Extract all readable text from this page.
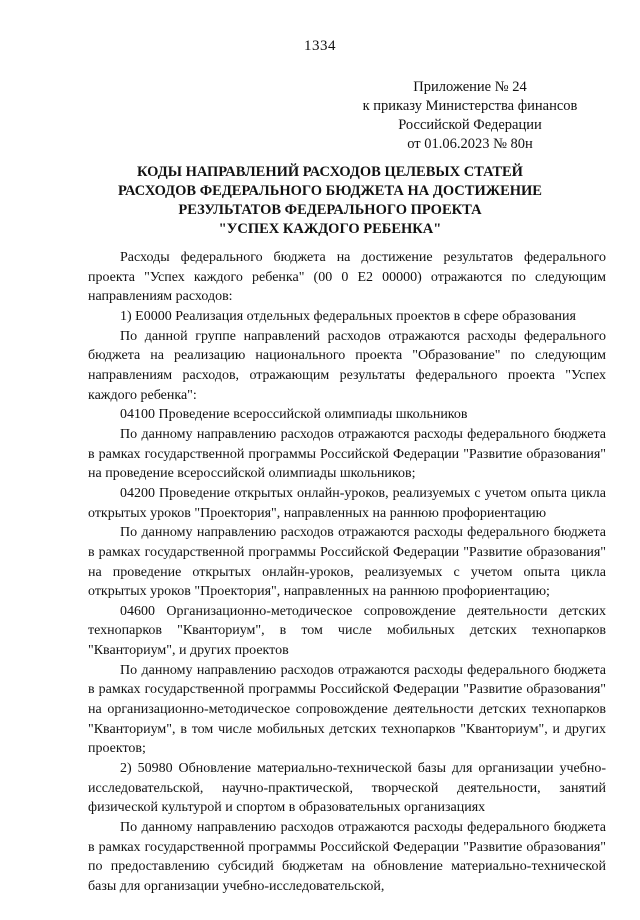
1334
Приложение № 24
к приказу Министерства финансов
Российской Федерации
от 01.06.2023 № 80н
КОДЫ НАПРАВЛЕНИЙ РАСХОДОВ ЦЕЛЕВЫХ СТАТЕЙ
РАСХОДОВ ФЕДЕРАЛЬНОГО БЮДЖЕТА НА ДОСТИЖЕНИЕ
РЕЗУЛЬТАТОВ ФЕДЕРАЛЬНОГО ПРОЕКТА
"УСПЕХ КАЖДОГО РЕБЕНКА"

Расходы федерального бюджета на достижение результатов федерального проекта "Успех каждого ребенка" (00 0 Е2 00000) отражаются по следующим направлениям расходов:

1) Е0000 Реализация отдельных федеральных проектов в сфере образования

По данной группе направлений расходов отражаются расходы федерального бюджета на реализацию национального проекта "Образование" по следующим направлениям расходов, отражающим результаты федерального проекта "Успех каждого ребенка":

04100 Проведение всероссийской олимпиады школьников

По данному направлению расходов отражаются расходы федерального бюджета в рамках государственной программы Российской Федерации "Развитие образования" на проведение всероссийской олимпиады школьников;

04200 Проведение открытых онлайн-уроков, реализуемых с учетом опыта цикла открытых уроков "Проектория", направленных на раннюю профориентацию

По данному направлению расходов отражаются расходы федерального бюджета в рамках государственной программы Российской Федерации "Развитие образования" на проведение открытых онлайн-уроков, реализуемых с учетом опыта цикла открытых уроков "Проектория", направленных на раннюю профориентацию;

04600 Организационно-методическое сопровождение деятельности детских технопарков "Кванториум", в том числе мобильных детских технопарков "Кванториум", и других проектов

По данному направлению расходов отражаются расходы федерального бюджета в рамках государственной программы Российской Федерации "Развитие образования" на организационно-методическое сопровождение деятельности детских технопарков "Кванториум", в том числе мобильных детских технопарков "Кванториум", и других проектов;

2) 50980 Обновление материально-технической базы для организации учебно-исследовательской, научно-практической, творческой деятельности, занятий физической культурой и спортом в образовательных организациях

По данному направлению расходов отражаются расходы федерального бюджета в рамках государственной программы Российской Федерации "Развитие образования" по предоставлению субсидий бюджетам на обновление материально-технической базы для организации учебно-исследовательской,
